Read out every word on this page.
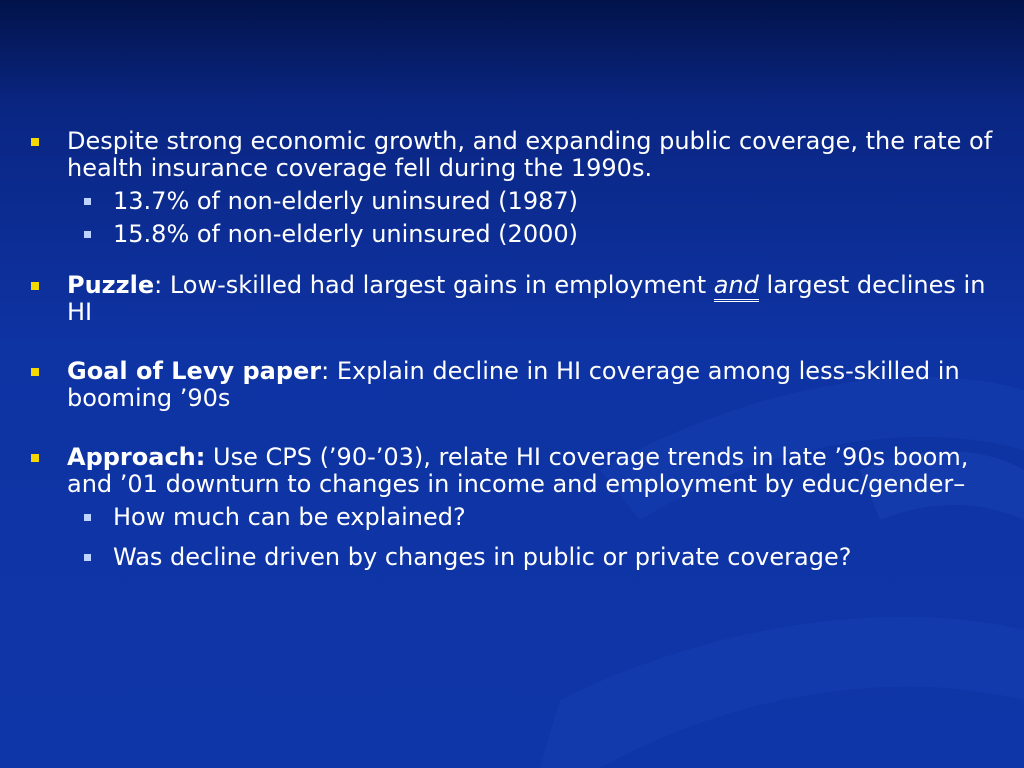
Despite strong economic growth, and expanding public coverage, the rate of health insurance coverage fell during the 1990s.
13.7% of non-elderly uninsured (1987)
15.8% of non-elderly uninsured (2000)
Puzzle: Low-skilled had largest gains in employment and largest declines in HI
Goal of Levy paper: Explain decline in HI coverage among less-skilled in booming ’90s
Approach: Use CPS (’90-’03), relate HI coverage trends in late ’90s boom, and ’01 downturn to changes in income and employment by educ/gender–
How much can be explained?
Was decline driven by changes in public or private coverage?
